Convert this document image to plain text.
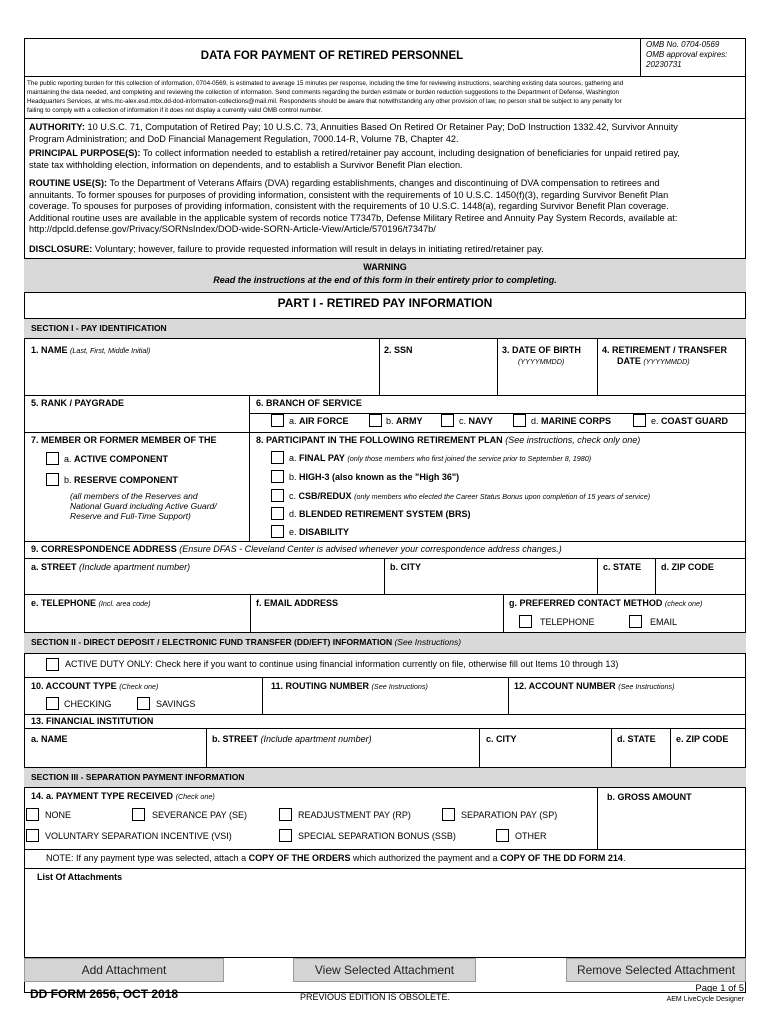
DATA FOR PAYMENT OF RETIRED PERSONNEL
OMB No. 0704-0569
OMB approval expires:
20230731
The public reporting burden for this collection of information, 0704-0569, is estimated to average 15 minutes per response, including the time for reviewing instructions, searching existing data sources, gathering and
maintaining the data needed, and completing and reviewing the collection of information. Send comments regarding the burden estimate or burden reduction suggestions to the Department of Defense, Washington
Headquarters Services, at whs.mc-alex.esd.mbx.dd-dod-information-collections@mail.mil. Respondents should be aware that notwithstanding any other provision of law, no person shall be subject to any penalty for
failing to comply with a collection of information if it does not display a currently valid OMB control number.
AUTHORITY: 10 U.S.C. 71, Computation of Retired Pay; 10 U.S.C. 73, Annuities Based On Retired Or Retainer Pay; DoD Instruction 1332.42, Survivor Annuity
Program Administration; and DoD Financial Management Regulation, 7000.14-R, Volume 7B, Chapter 42.
PRINCIPAL PURPOSE(S): To collect information needed to establish a retired/retainer pay account, including designation of beneficiaries for unpaid retired pay,
state tax withholding election, information on dependents, and to establish a Survivor Benefit Plan election.
ROUTINE USE(S): To the Department of Veterans Affairs (DVA) regarding establishments, changes and discontinuing of DVA compensation to retirees and
annuitants. To former spouses for purposes of providing information, consistent with the requirements of 10 U.S.C. 1450(f)(3), regarding Survivor Benefit Plan
coverage. To spouses for purposes of providing information, consistent with the requirements of 10 U.S.C. 1448(a), regarding Survivor Benefit Plan coverage.
Additional routine uses are available in the applicable system of records notice T7347b, Defense Military Retiree and Annuity Pay System Records, available at:
http://dpcld.defense.gov/Privacy/SORNsIndex/DOD-wide-SORN-Article-View/Article/570196/t7347b/
DISCLOSURE: Voluntary; however, failure to provide requested information will result in delays in initiating retired/retainer pay.
WARNING
Read the instructions at the end of this form in their entirety prior to completing.
PART I - RETIRED PAY INFORMATION
SECTION I - PAY IDENTIFICATION
1. NAME (Last, First, Middle Initial)	2. SSN	3. DATE OF BIRTH
(YYYYMMDD)
4. RETIREMENT / TRANSFER
DATE (YYYYMMDD)
5. RANK / PAYGRADE	6. BRANCH OF SERVICE
a. AIR FORCE	b. ARMY	c. NAVY	d. MARINE CORPS	e. COAST GUARD
7. MEMBER OR FORMER MEMBER OF THE
a. ACTIVE COMPONENT
b. RESERVE COMPONENT
(all members of the Reserves and
National Guard including Active Guard/
Reserve and Full-Time Support)
8. PARTICIPANT IN THE FOLLOWING RETIREMENT PLAN (See instructions, check only one)
a. FINAL PAY (only those members who first joined the service prior to September 8, 1980)
b. HIGH-3 (also known as the "High 36")
c. CSB/REDUX (only members who elected the Career Status Bonus upon completion of 15 years of service)
d. BLENDED RETIREMENT SYSTEM (BRS)
e. DISABILITY
9. CORRESPONDENCE ADDRESS (Ensure DFAS - Cleveland Center is advised whenever your correspondence address changes.)
a. STREET (Include apartment number)	b. CITY	c. STATE d. ZIP CODE
e. TELEPHONE (Incl. area code)	f. EMAIL ADDRESS	g. PREFERRED CONTACT METHOD (check one)
TELEPHONE	EMAIL
SECTION II - DIRECT DEPOSIT / ELECTRONIC FUND TRANSFER (DD/EFT) INFORMATION (See Instructions)
ACTIVE DUTY ONLY: Check here if you want to continue using financial information currently on file, otherwise fill out Items 10 through 13)
10. ACCOUNT TYPE (Check one)
CHECKING	SAVINGS
11. ROUTING NUMBER (See Instructions)	12. ACCOUNT NUMBER (See Instructions)
13. FINANCIAL INSTITUTION
a. NAME	b. STREET (Include apartment number)	c. CITY	d. STATE e. ZIP CODE
SECTION III - SEPARATION PAYMENT INFORMATION
14. a. PAYMENT TYPE RECEIVED (Check one)	b. GROSS AMOUNT
NONE	SEVERANCE PAY (SE)	READJUSTMENT PAY (RP)	SEPARATION PAY (SP)
VOLUNTARY SEPARATION INCENTIVE (VSI)	SPECIAL SEPARATION BONUS (SSB)	OTHER
NOTE: If any payment type was selected, attach a COPY OF THE ORDERS which authorized the payment and a COPY OF THE DD FORM 214.
List Of Attachments
Add Attachment	View Selected Attachment	Remove Selected Attachment
DD FORM 2656, OCT 2018	PREVIOUS EDITION IS OBSOLETE.
Page 1 of 5
AEM LiveCycle Designer
